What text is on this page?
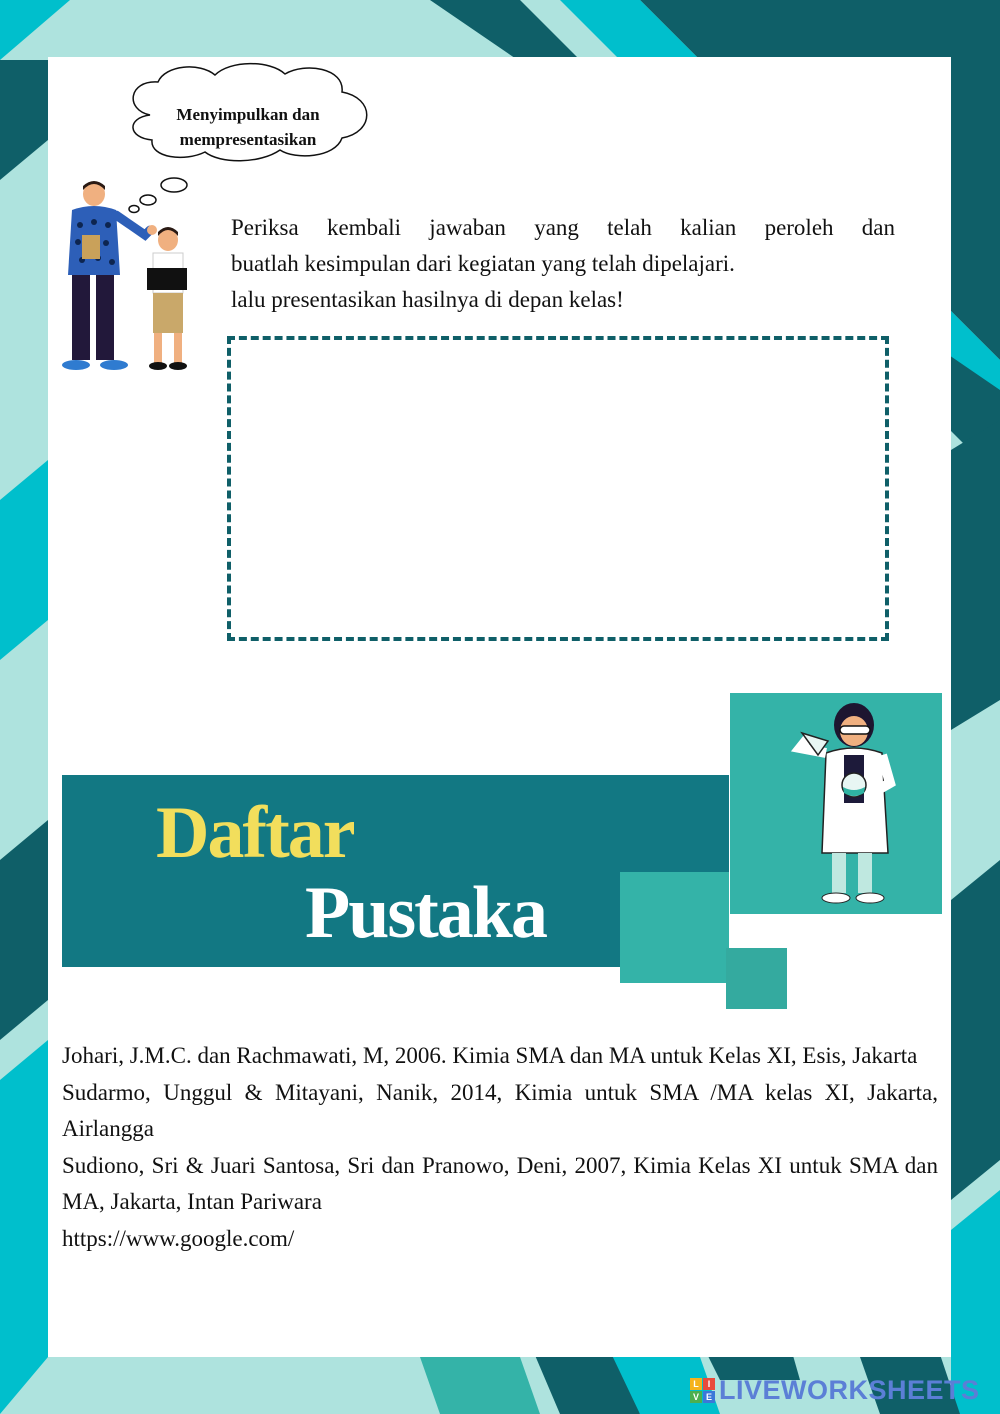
Menyimpulkan dan
mempresentasikan
Periksa kembali jawaban yang telah kalian peroleh dan
buatlah kesimpulan dari kegiatan yang telah dipelajari.
lalu presentasikan hasilnya di depan kelas!
Daftar
Pustaka
Johari, J.M.C. dan Rachmawati, M, 2006. Kimia SMA dan MA untuk Kelas XI, Esis, Jakarta
Sudarmo, Unggul & Mitayani, Nanik, 2014, Kimia untuk SMA /MA kelas XI, Jakarta, Airlangga
Sudiono, Sri & Juari Santosa, Sri dan Pranowo, Deni, 2007, Kimia Kelas XI untuk SMA dan MA, Jakarta, Intan Pariwara
https://www.google.com/
L I
V E LIVEWORKSHEETS
